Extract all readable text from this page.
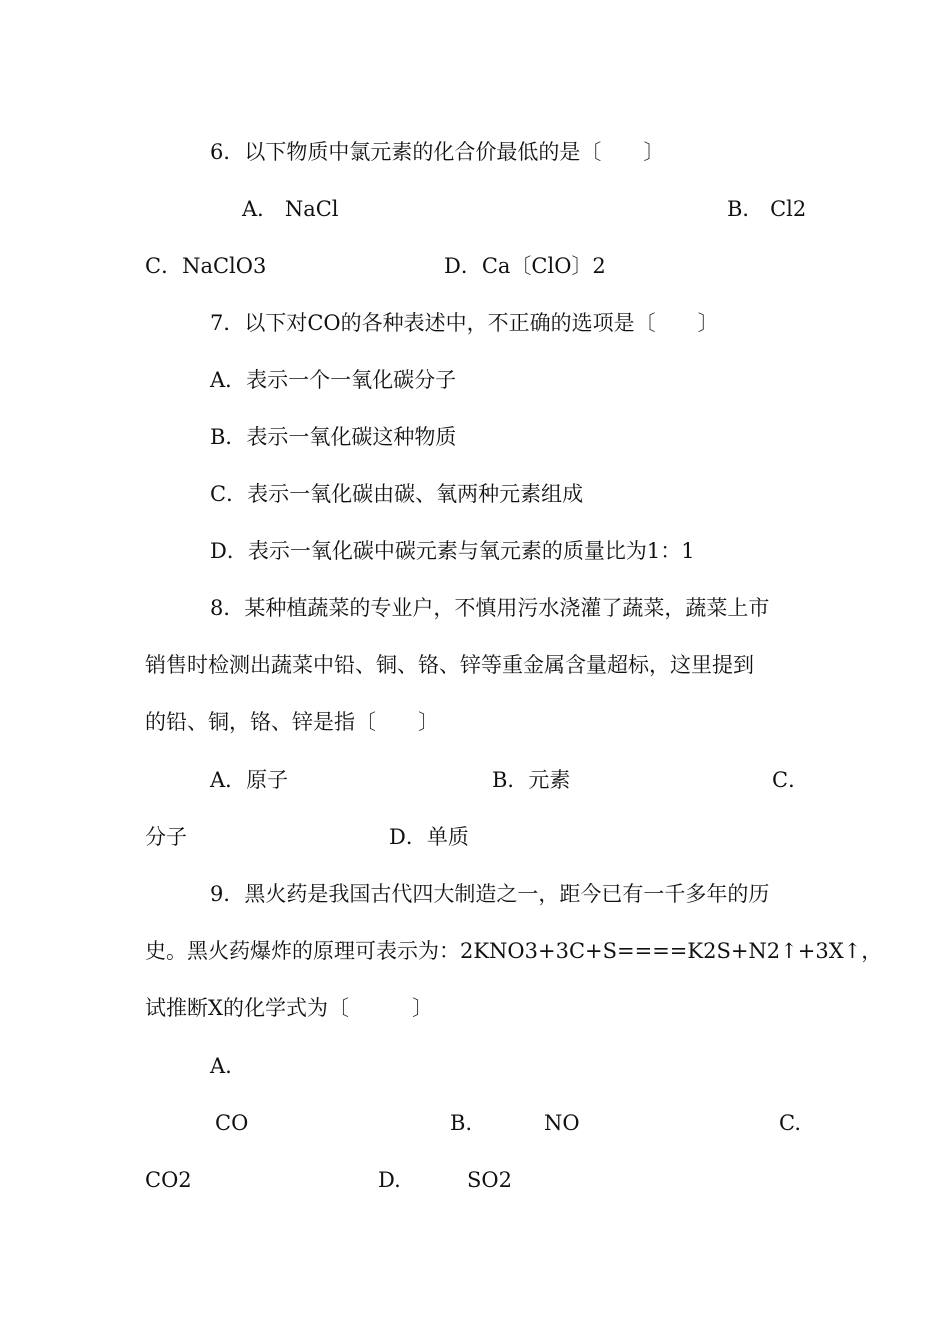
6．以下物质中氯元素的化合价最低的是〔　　〕
A． NaCl	B． Cl2
C．NaClO3	D．Ca〔ClO〕2
7．以下对CO的各种表述中，不正确的选项是〔　　〕
A．表示一个一氧化碳分子
B．表示一氧化碳这种物质
C．表示一氧化碳由碳、氧两种元素组成
D．表示一氧化碳中碳元素与氧元素的质量比为1：1
8．某种植蔬菜的专业户，不慎用污水浇灌了蔬菜，蔬菜上市
销售时检测出蔬菜中铅、铜、铬、锌等重金属含量超标，这里提到
的铅、铜，铬、锌是指〔　　〕
A．原子	B．元素	C．
分子	D．单质
9．黑火药是我国古代四大制造之一，距今已有一千多年的历
史。黑火药爆炸的原理可表示为：2KNO3+3C+S====K2S+N2↑+3X↑，
试推断X的化学式为〔　　　〕
A.
CO	B.	NO	C.
CO2	D.	SO2
